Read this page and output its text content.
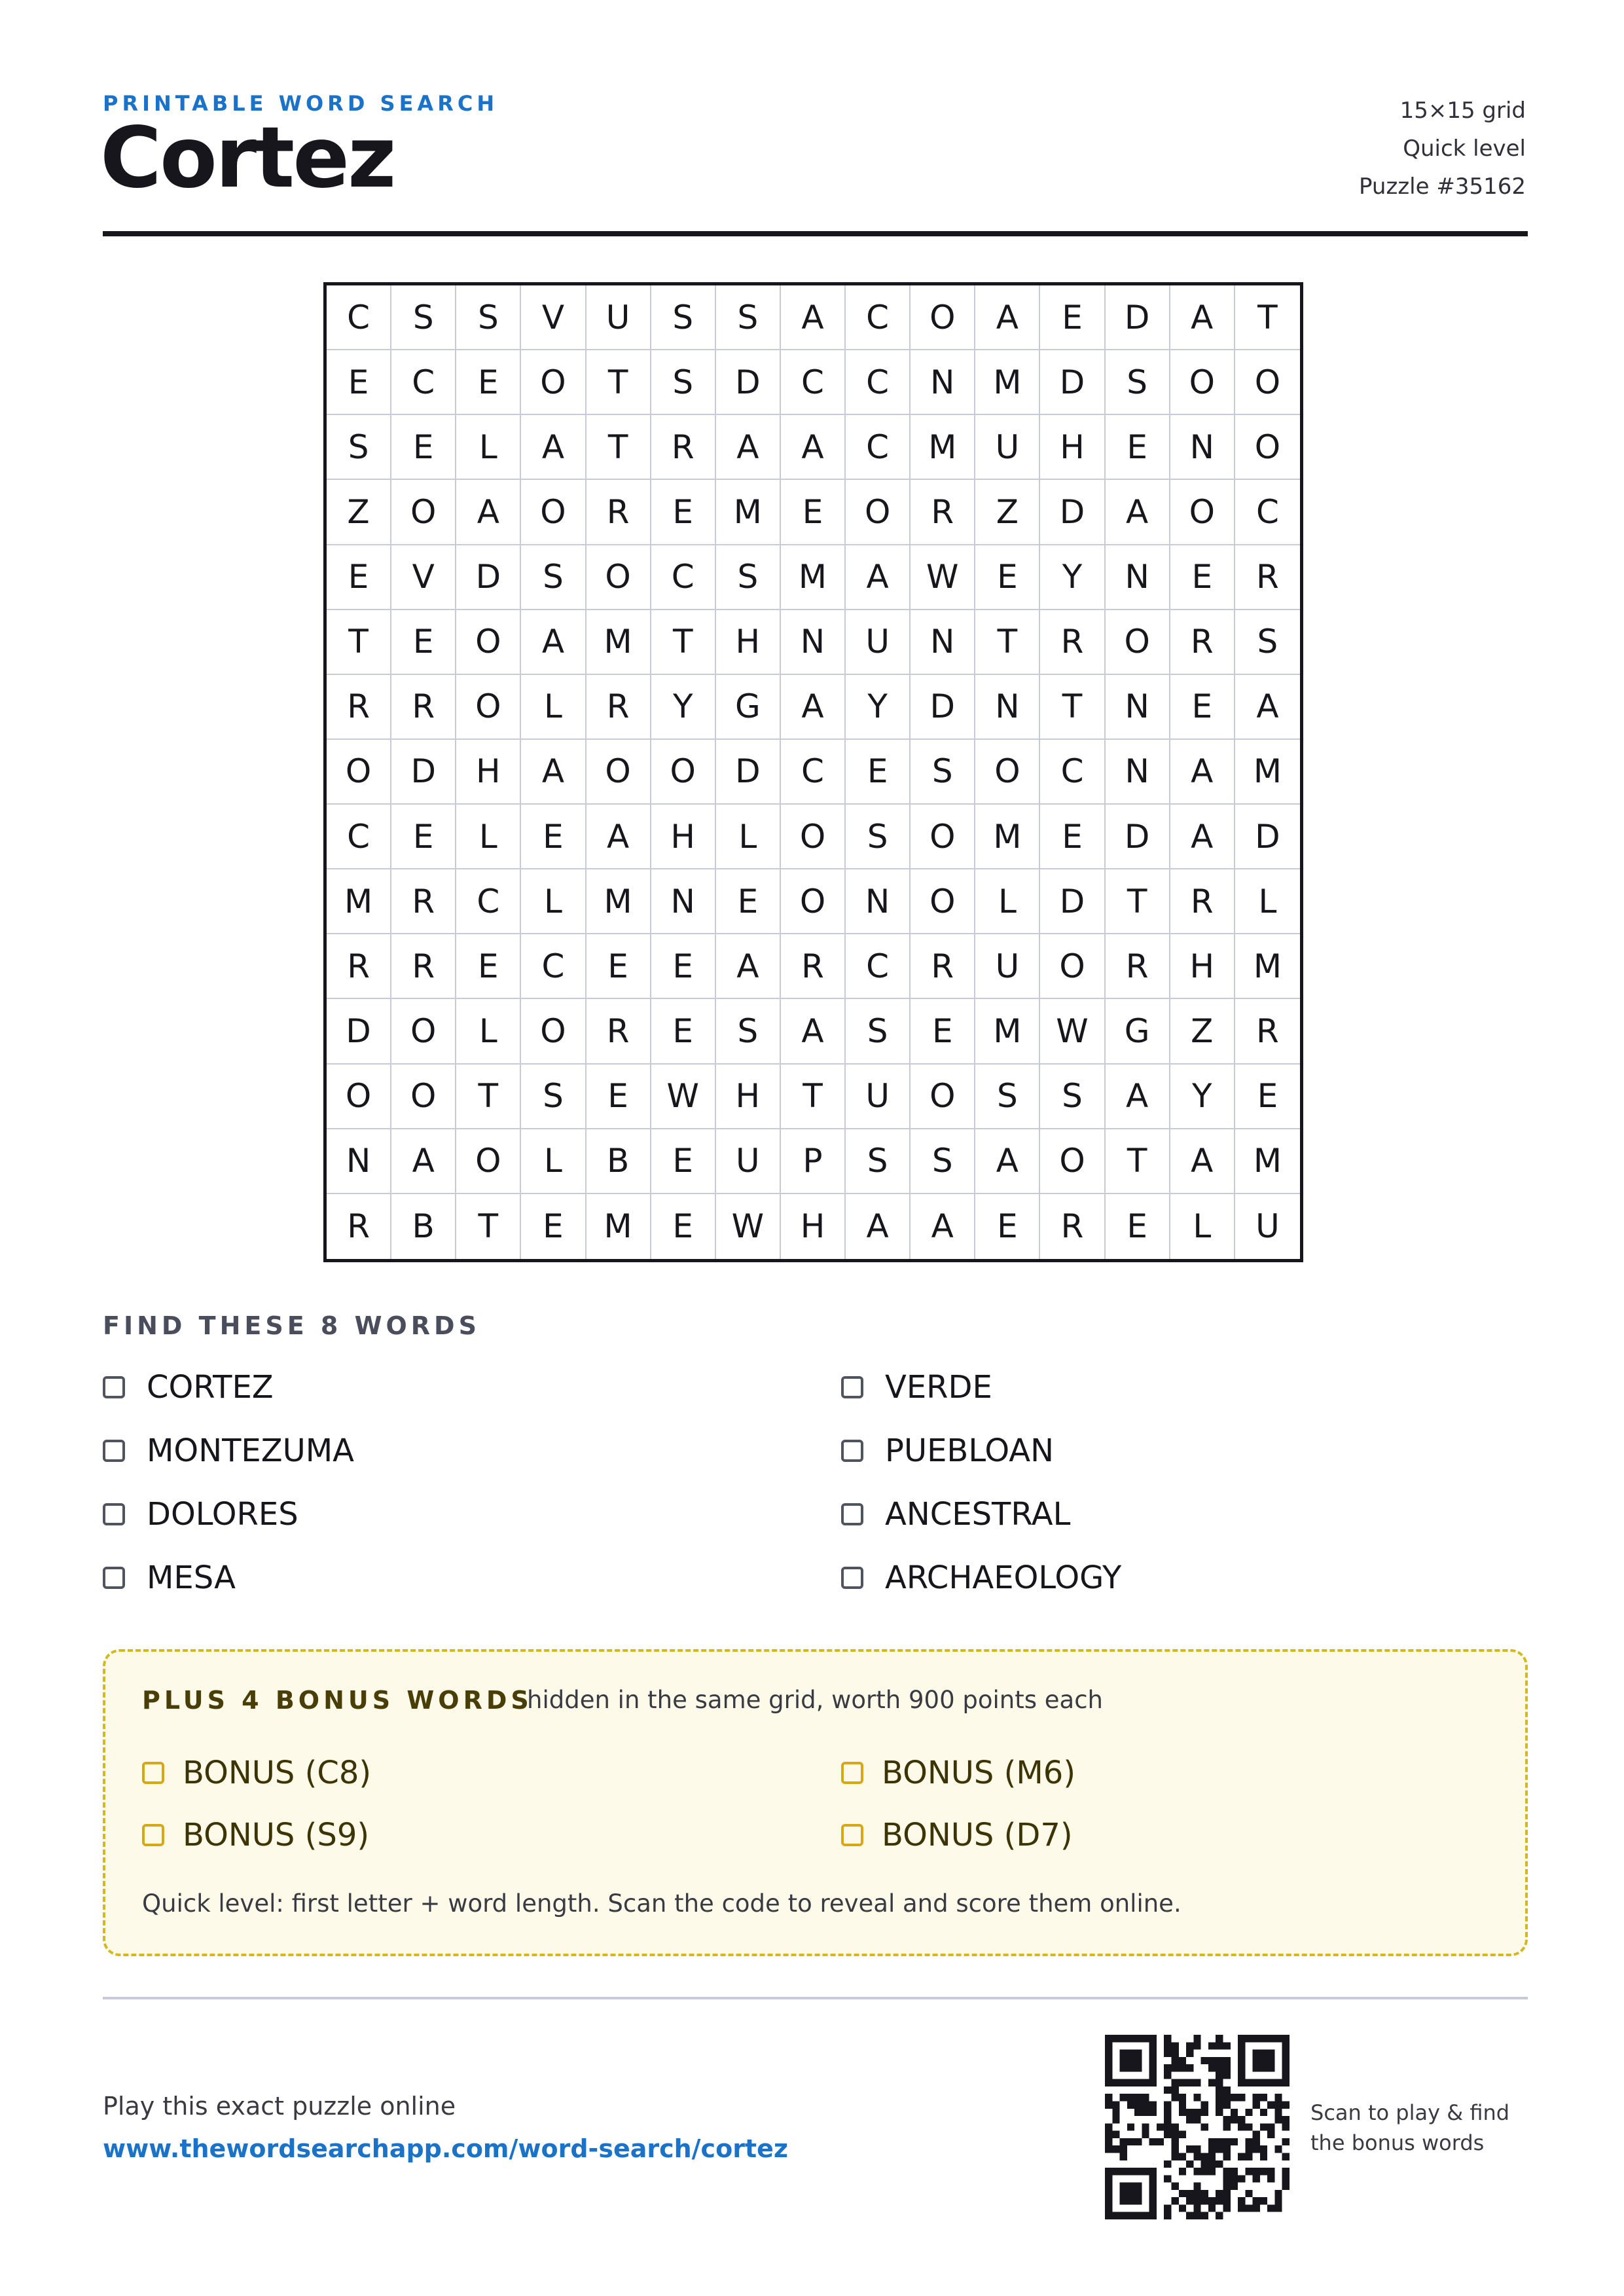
PRINTABLE WORD SEARCH
Cortez	15×15 grid
Quick level
Puzzle #35162
C	S	S	V	U	S	S	A	C	O	A	E	D	A	T
E	C	E	O	T	S	D	C	C	N	M	D	S	O	O
S	E	L	A	T	R	A	A	C	M	U	H	E	N	O
Z	O	A	O	R	E	M	E	O	R	Z	D	A	O	C
E	V	D	S	O	C	S	M	A	W	E	Y	N	E	R
T	E	O	A	M	T	H	N	U	N	T	R	O	R	S
R	R	O	L	R	Y	G	A	Y	D	N	T	N	E	A
O	D	H	A	O	O	D	C	E	S	O	C	N	A	M
C	E	L	E	A	H	L	O	S	O	M	E	D	A	D
M	R	C	L	M	N	E	O	N	O	L	D	T	R	L
R	R	E	C	E	E	A	R	C	R	U	O	R	H	M
D	O	L	O	R	E	S	A	S	E	M	W	G	Z	R
O	O	T	S	E	W	H	T	U	O	S	S	A	Y	E
N	A	O	L	B	E	U	P	S	S	A	O	T	A	M
R	B	T	E	M	E	W	H	A	A	E	R	E	L	U
FIND THESE 8 WORDS
CORTEZ	VERDE
MONTEZUMA	PUEBLOAN
DOLORES	ANCESTRAL
MESA	ARCHAEOLOGY
PLUS 4 BONUS WORDS
hidden in the same grid, worth 900 points each
BONUS (C8)	BONUS (M6)
BONUS (S9)	BONUS (D7)
Quick level: first letter + word length. Scan the code to reveal and score them online.
Play this exact puzzle online
www.thewordsearchapp.com/word-search/cortez
Scan to play & find
the bonus words
